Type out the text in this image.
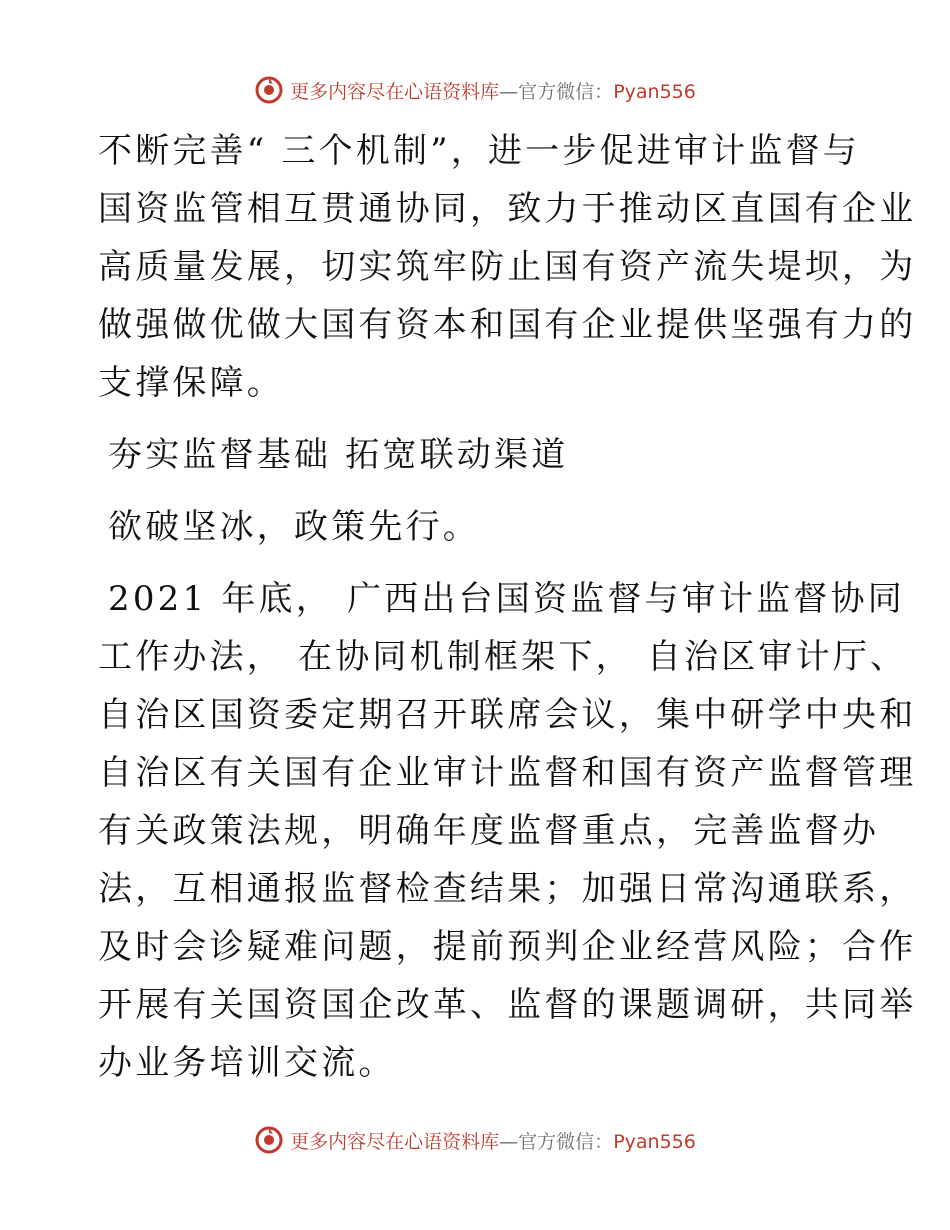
更多内容尽在心语资料库—官方微信：Pyan556

不断完善“ 三个机制”，进一步促进审计监督与
国资监管相互贯通协同，致力于推动区直国有企业
高质量发展，切实筑牢防止国有资产流失堤坝，为
做强做优做大国有资本和国有企业提供坚强有力的
支撑保障。

夯实监督基础 拓宽联动渠道

欲破坚冰，政策先行。

2021 年底， 广西出台国资监督与审计监督协同
工作办法， 在协同机制框架下， 自治区审计厅、
自治区国资委定期召开联席会议，集中研学中央和
自治区有关国有企业审计监督和国有资产监督管理
有关政策法规，明确年度监督重点，完善监督办
法，互相通报监督检查结果；加强日常沟通联系，
及时会诊疑难问题，提前预判企业经营风险；合作
开展有关国资国企改革、监督的课题调研，共同举
办业务培训交流。

更多内容尽在心语资料库—官方微信：Pyan556
